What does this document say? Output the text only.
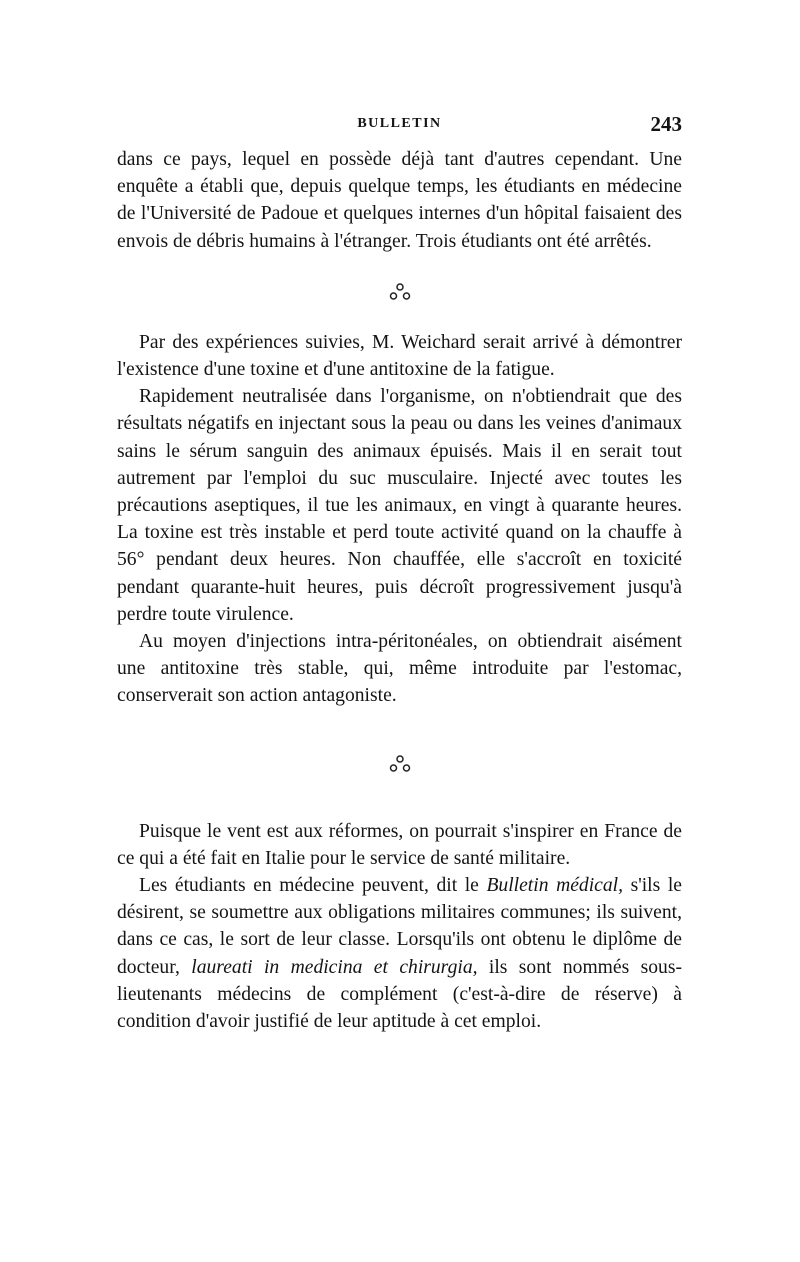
BULLETIN	243

dans ce pays, lequel en possède déjà tant d'autres cependant. Une enquête a établi que, depuis quelque temps, les étudiants en médecine de l'Université de Padoue et quelques internes d'un hôpital faisaient des envois de débris humains à l'étranger. Trois étudiants ont été arrêtés.

Par des expériences suivies, M. Weichard serait arrivé à démontrer l'existence d'une toxine et d'une antitoxine de la fatigue.

Rapidement neutralisée dans l'organisme, on n'obtiendrait que des résultats négatifs en injectant sous la peau ou dans les veines d'animaux sains le sérum sanguin des animaux épuisés. Mais il en serait tout autrement par l'emploi du suc musculaire. Injecté avec toutes les précautions aseptiques, il tue les animaux, en vingt à quarante heures. La toxine est très instable et perd toute activité quand on la chauffe à 56° pendant deux heures. Non chauffée, elle s'accroît en toxicité pendant quarante-huit heures, puis décroît progressivement jusqu'à perdre toute virulence.

Au moyen d'injections intra-péritonéales, on obtiendrait aisément une antitoxine très stable, qui, même introduite par l'estomac, conserverait son action antagoniste.

Puisque le vent est aux réformes, on pourrait s'inspirer en France de ce qui a été fait en Italie pour le service de santé militaire.

Les étudiants en médecine peuvent, dit le Bulletin médical, s'ils le désirent, se soumettre aux obligations militaires communes; ils suivent, dans ce cas, le sort de leur classe. Lorsqu'ils ont obtenu le diplôme de docteur, laureati in medicina et chirurgia, ils sont nommés sous-lieutenants médecins de complément (c'est-à-dire de réserve) à condition d'avoir justifié de leur aptitude à cet emploi.
